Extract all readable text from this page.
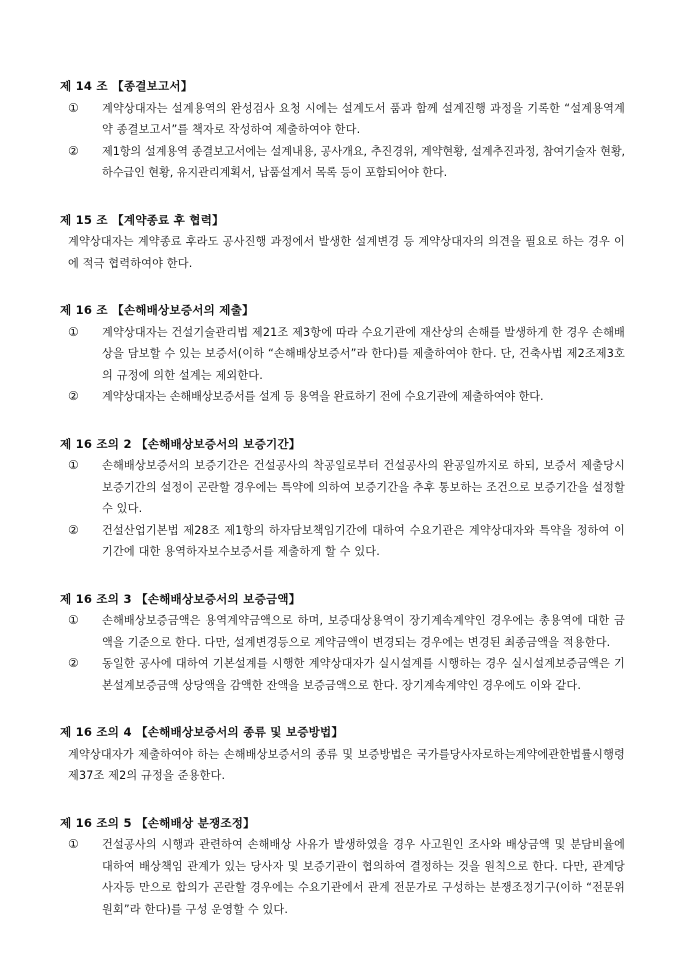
제 14 조 【종결보고서】
①	계약상대자는 설계용역의 완성검사 요청 시에는 설계도서 품과 함께 설계진행 과정을 기록한 “설계용역계약 종결보고서”를 책자로 작성하여 제출하여야 한다.
②	제1항의 설계용역 종결보고서에는 설계내용, 공사개요, 추진경위, 계약현황, 설계추진과정, 참여기술자 현황, 하수급인 현황, 유지관리계획서, 납품설계서 목록 등이 포함되어야 한다.
제 15 조 【계약종료 후 협력】
계약상대자는 계약종료 후라도 공사진행 과정에서 발생한 설계변경 등 계약상대자의 의견을 필요로 하는 경우 이에 적극 협력하여야 한다.
제 16 조 【손해배상보증서의 제출】
①	계약상대자는 건설기술관리법 제21조 제3항에 따라 수요기관에 재산상의 손해를 발생하게 한 경우 손해배상을 담보할 수 있는 보증서(이하 “손해배상보증서”라 한다)를 제출하여야 한다. 단, 건축사법 제2조제3호의 규정에 의한 설계는 제외한다.
②	계약상대자는 손해배상보증서를 설계 등 용역을 완료하기 전에 수요기관에 제출하여야 한다.
제 16 조의 2 【손해배상보증서의 보증기간】
①	손해배상보증서의 보증기간은 건설공사의 착공일로부터 건설공사의 완공일까지로 하되, 보증서 제출당시 보증기간의 설정이 곤란할 경우에는 특약에 의하여 보증기간을 추후 통보하는 조건으로 보증기간을 설정할 수 있다.
②	건설산업기본법 제28조 제1항의 하자담보책임기간에 대하여 수요기관은 계약상대자와 특약을 정하여 이기간에 대한 용역하자보수보증서를 제출하게 할 수 있다.
제 16 조의 3 【손해배상보증서의 보증금액】
①	손해배상보증금액은 용역계약금액으로 하며, 보증대상용역이 장기계속계약인 경우에는 총용역에 대한 금액을 기준으로 한다. 다만, 설계변경등으로 계약금액이 변경되는 경우에는 변경된 최종금액을 적용한다.
②	동일한 공사에 대하여 기본설계를 시행한 계약상대자가 실시설계를 시행하는 경우 실시설계보증금액은 기본설계보증금액 상당액을 감액한 잔액을 보증금액으로 한다. 장기계속계약인 경우에도 이와 같다.
제 16 조의 4 【손해배상보증서의 종류 및 보증방법】
계약상대자가 제출하여야 하는 손해배상보증서의 종류 및 보증방법은 국가를당사자로하는계약에관한법률시행령 제37조 제2의 규정을 준용한다.
제 16 조의 5 【손해배상 분쟁조정】
①	건설공사의 시행과 관련하여 손해배상 사유가 발생하였을 경우 사고원인 조사와 배상금액 및 분담비율에 대하여 배상책임 관계가 있는 당사자 및 보증기관이 협의하여 결정하는 것을 원칙으로 한다. 다만, 관계당사자등 만으로 합의가 곤란할 경우에는 수요기관에서 관계 전문가로 구성하는 분쟁조정기구(이하 “전문위원회”라 한다)를 구성 운영할 수 있다.
